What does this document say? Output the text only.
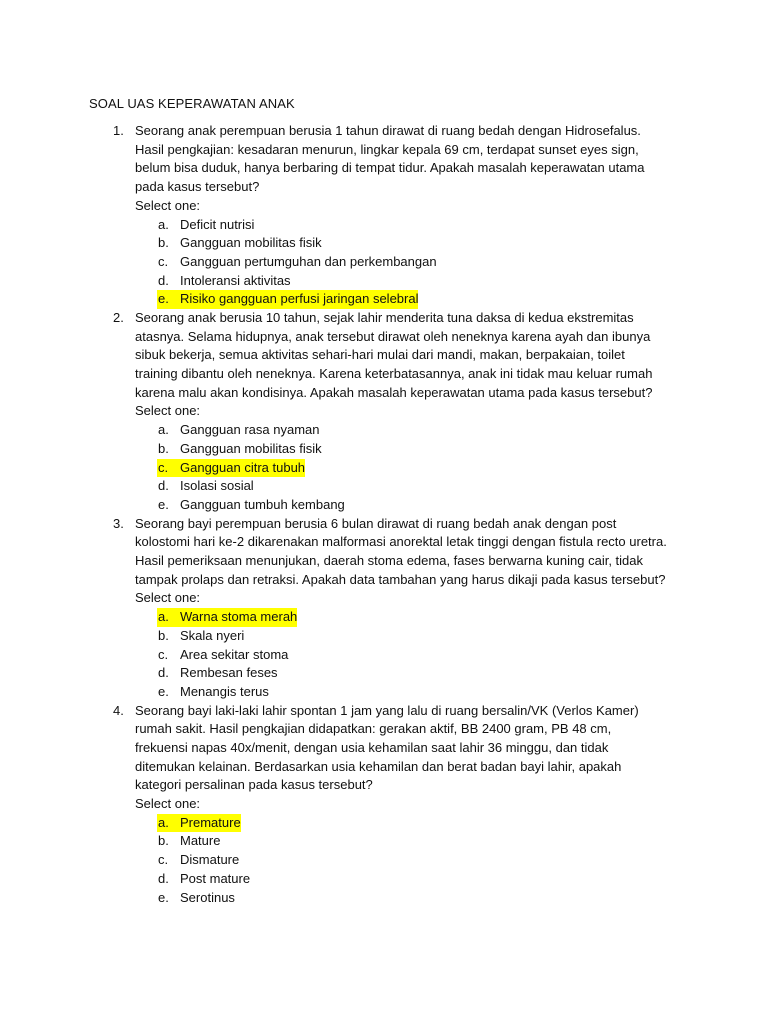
SOAL UAS KEPERAWATAN ANAK
1. Seorang anak perempuan berusia 1 tahun dirawat di ruang bedah dengan Hidrosefalus. Hasil pengkajian: kesadaran menurun, lingkar kepala 69 cm, terdapat sunset eyes sign, belum bisa duduk, hanya berbaring di tempat tidur. Apakah masalah keperawatan utama pada kasus tersebut?
Select one:
a. Deficit nutrisi
b. Gangguan mobilitas fisik
c. Gangguan pertumguhan dan perkembangan
d. Intoleransi aktivitas
e. Risiko gangguan perfusi jaringan selebral
2. Seorang anak berusia 10 tahun, sejak lahir menderita tuna daksa di kedua ekstremitas atasnya. Selama hidupnya, anak tersebut dirawat oleh neneknya karena ayah dan ibunya sibuk bekerja, semua aktivitas sehari-hari mulai dari mandi, makan, berpakaian, toilet training dibantu oleh neneknya. Karena keterbatasannya, anak ini tidak mau keluar rumah karena malu akan kondisinya. Apakah masalah keperawatan utama pada kasus tersebut?
Select one:
a. Gangguan rasa nyaman
b. Gangguan mobilitas fisik
c. Gangguan citra tubuh
d. Isolasi sosial
e. Gangguan tumbuh kembang
3. Seorang bayi perempuan berusia 6 bulan dirawat di ruang bedah anak dengan post kolostomi hari ke-2 dikarenakan malformasi anorektal letak tinggi dengan fistula recto uretra. Hasil pemeriksaan menunjukan, daerah stoma edema, fases berwarna kuning cair, tidak tampak prolaps dan retraksi. Apakah data tambahan yang harus dikaji pada kasus tersebut?
Select one:
a. Warna stoma merah
b. Skala nyeri
c. Area sekitar stoma
d. Rembesan feses
e. Menangis terus
4. Seorang bayi laki-laki lahir spontan 1 jam yang lalu di ruang bersalin/VK (Verlos Kamer) rumah sakit. Hasil pengkajian didapatkan: gerakan aktif, BB 2400 gram, PB 48 cm, frekuensi napas 40x/menit, dengan usia kehamilan saat lahir 36 minggu, dan tidak ditemukan kelainan. Berdasarkan usia kehamilan dan berat badan bayi lahir, apakah kategori persalinan pada kasus tersebut?
Select one:
a. Premature
b. Mature
c. Dismature
d. Post mature
e. Serotinus
